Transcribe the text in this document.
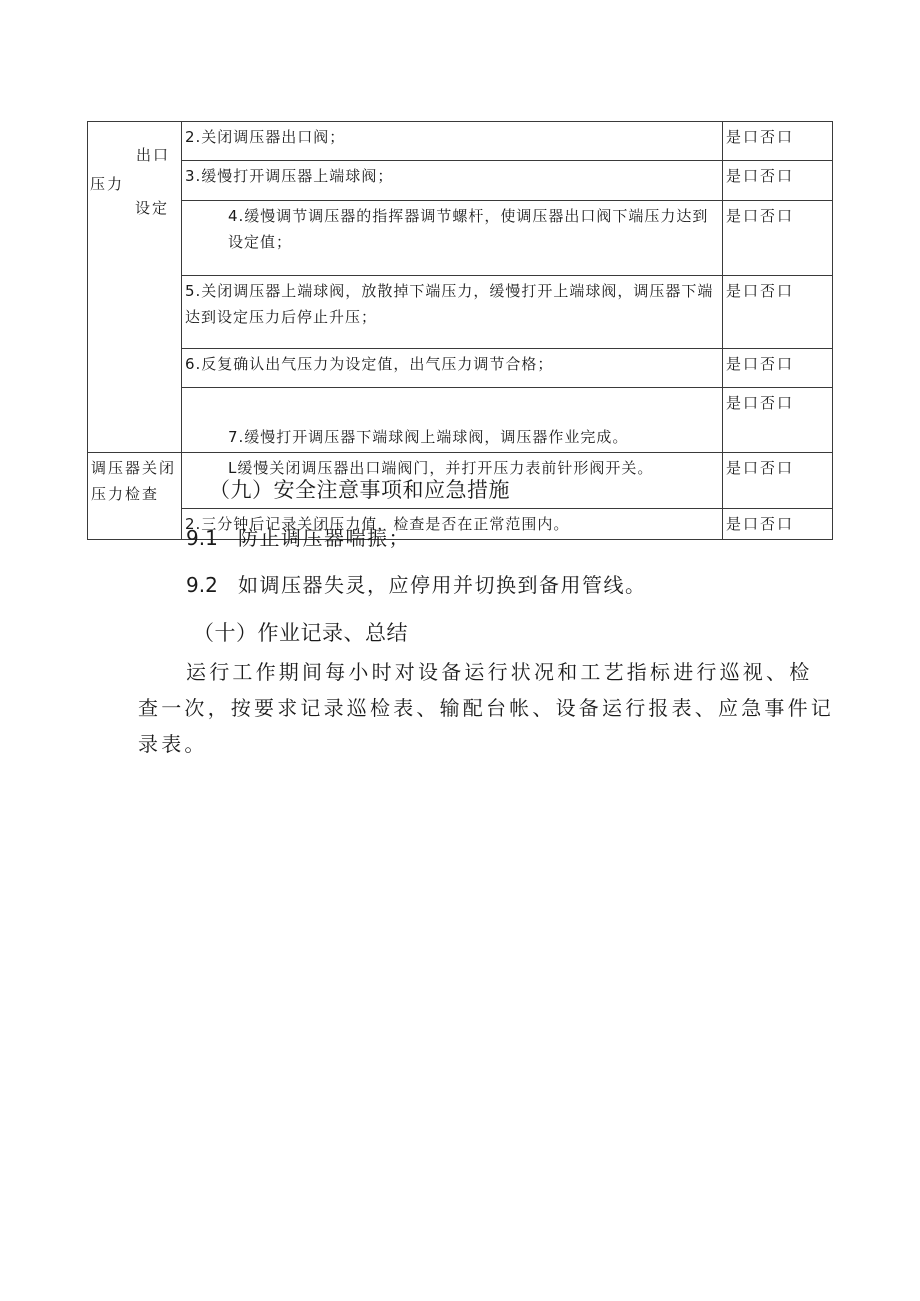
出口
压力
设定	2.关闭调压器出口阀；	是口否口
	3.缓慢打开调压器上端球阀；	是口否口
	4.缓慢调节调压器的指挥器调节螺杆，使调压器出口阀下端压力达到设定值；	是口否口
	5.关闭调压器上端球阀，放散掉下端压力，缓慢打开上端球阀，调压器下端达到设定压力后停止升压；	是口否口
	6.反复确认出气压力为设定值，出气压力调节合格；	是口否口
	7.缓慢打开调压器下端球阀上端球阀，调压器作业完成。	是口否口
调压器关闭压力检查	L缓慢关闭调压器出口端阀门，并打开压力表前针形阀开关。	是口否口
	2.三分钟后记录关闭压力值，检查是否在正常范围内。	是口否口
（九）安全注意事项和应急措施
9.1 防止调压器喘振；
9.2 如调压器失灵，应停用并切换到备用管线。
（十）作业记录、总结

运行工作期间每小时对设备运行状况和工艺指标进行巡视、检
查一次，按要求记录巡检表、输配台帐、设备运行报表、应急事件记
录表。
